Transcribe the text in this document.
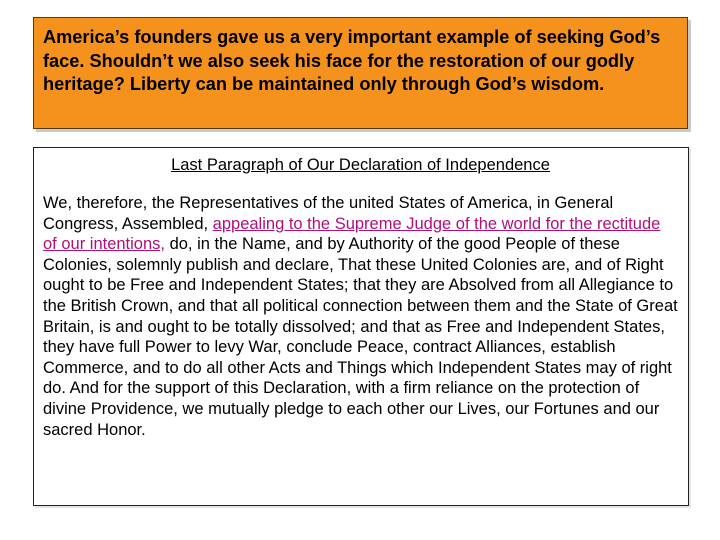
America’s founders gave us a very important example of seeking God’s face. Shouldn’t we also seek his face for the restoration of our godly heritage? Liberty can be maintained only through God’s wisdom.
Last Paragraph of Our Declaration of Independence

We, therefore, the Representatives of the united States of America, in General Congress, Assembled, appealing to the Supreme Judge of the world for the rectitude of our intentions, do, in the Name, and by Authority of the good People of these Colonies, solemnly publish and declare, That these United Colonies are, and of Right ought to be Free and Independent States; that they are Absolved from all Allegiance to the British Crown, and that all political connection between them and the State of Great Britain, is and ought to be totally dissolved; and that as Free and Independent States, they have full Power to levy War, conclude Peace, contract Alliances, establish Commerce, and to do all other Acts and Things which Independent States may of right do. And for the support of this Declaration, with a firm reliance on the protection of divine Providence, we mutually pledge to each other our Lives, our Fortunes and our sacred Honor.
